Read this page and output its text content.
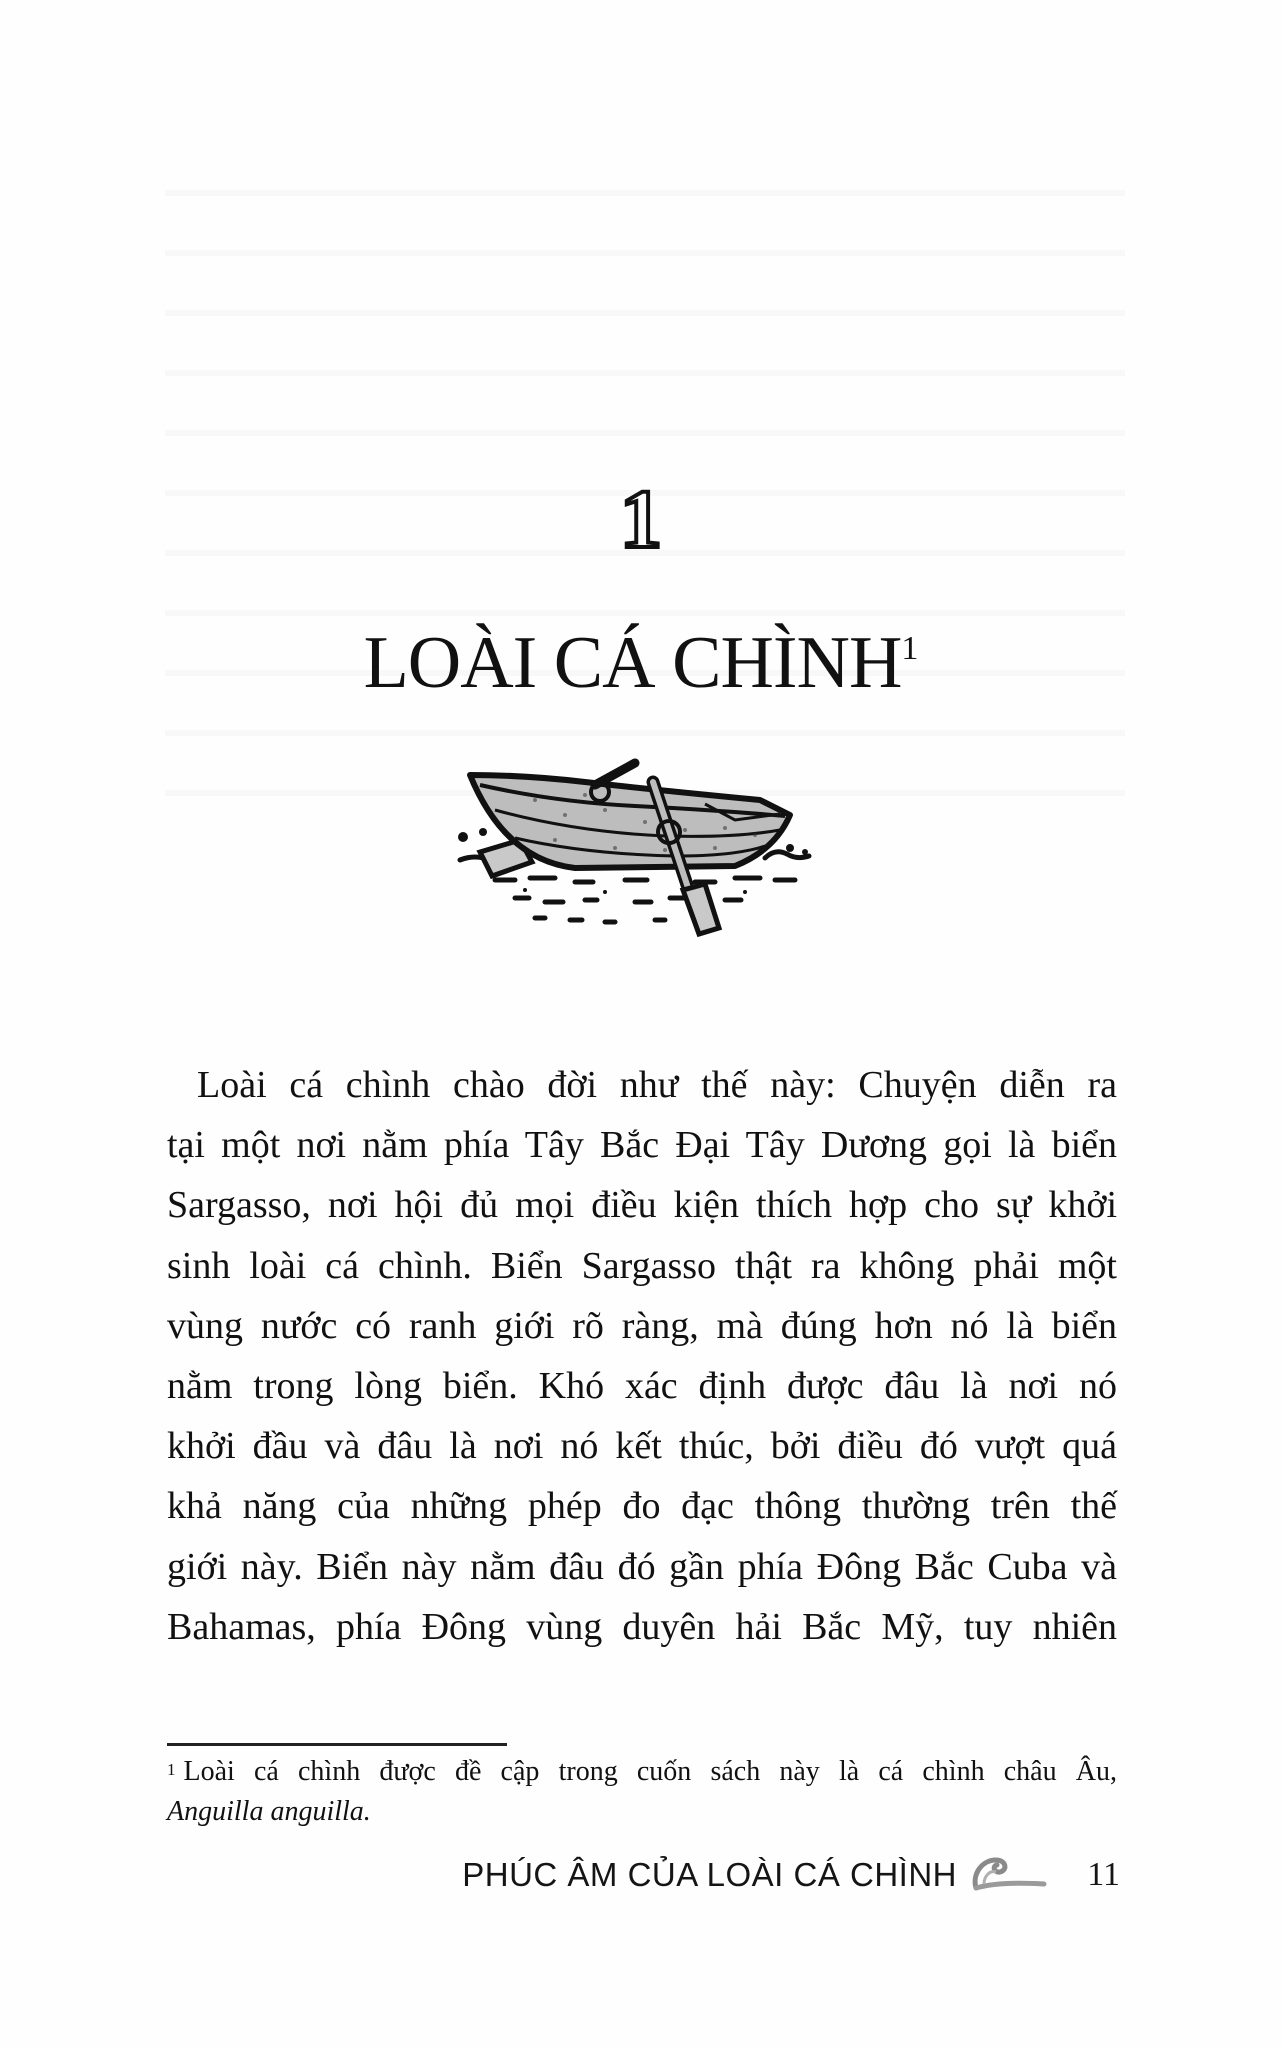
1
LOÀI CÁ CHÌNH$^1$
Loài cá chình chào đời như thế này: Chuyện diễn ra
tại một nơi nằm phía Tây Bắc Đại Tây Dương gọi là biển
Sargasso, nơi hội đủ mọi điều kiện thích hợp cho sự khởi
sinh loài cá chình. Biển Sargasso thật ra không phải một
vùng nước có ranh giới rõ ràng, mà đúng hơn nó là biển
nằm trong lòng biển. Khó xác định được đâu là nơi nó
khởi đầu và đâu là nơi nó kết thúc, bởi điều đó vượt quá
khả năng của những phép đo đạc thông thường trên thế
giới này. Biển này nằm đâu đó gần phía Đông Bắc Cuba và
Bahamas, phía Đông vùng duyên hải Bắc Mỹ, tuy nhiên
$^1$ Loài cá chình được đề cập trong cuốn sách này là cá chình châu Âu,
Anguilla anguilla.
PHÚC ÂM CỦA LOÀI CÁ CHÌNH	11
